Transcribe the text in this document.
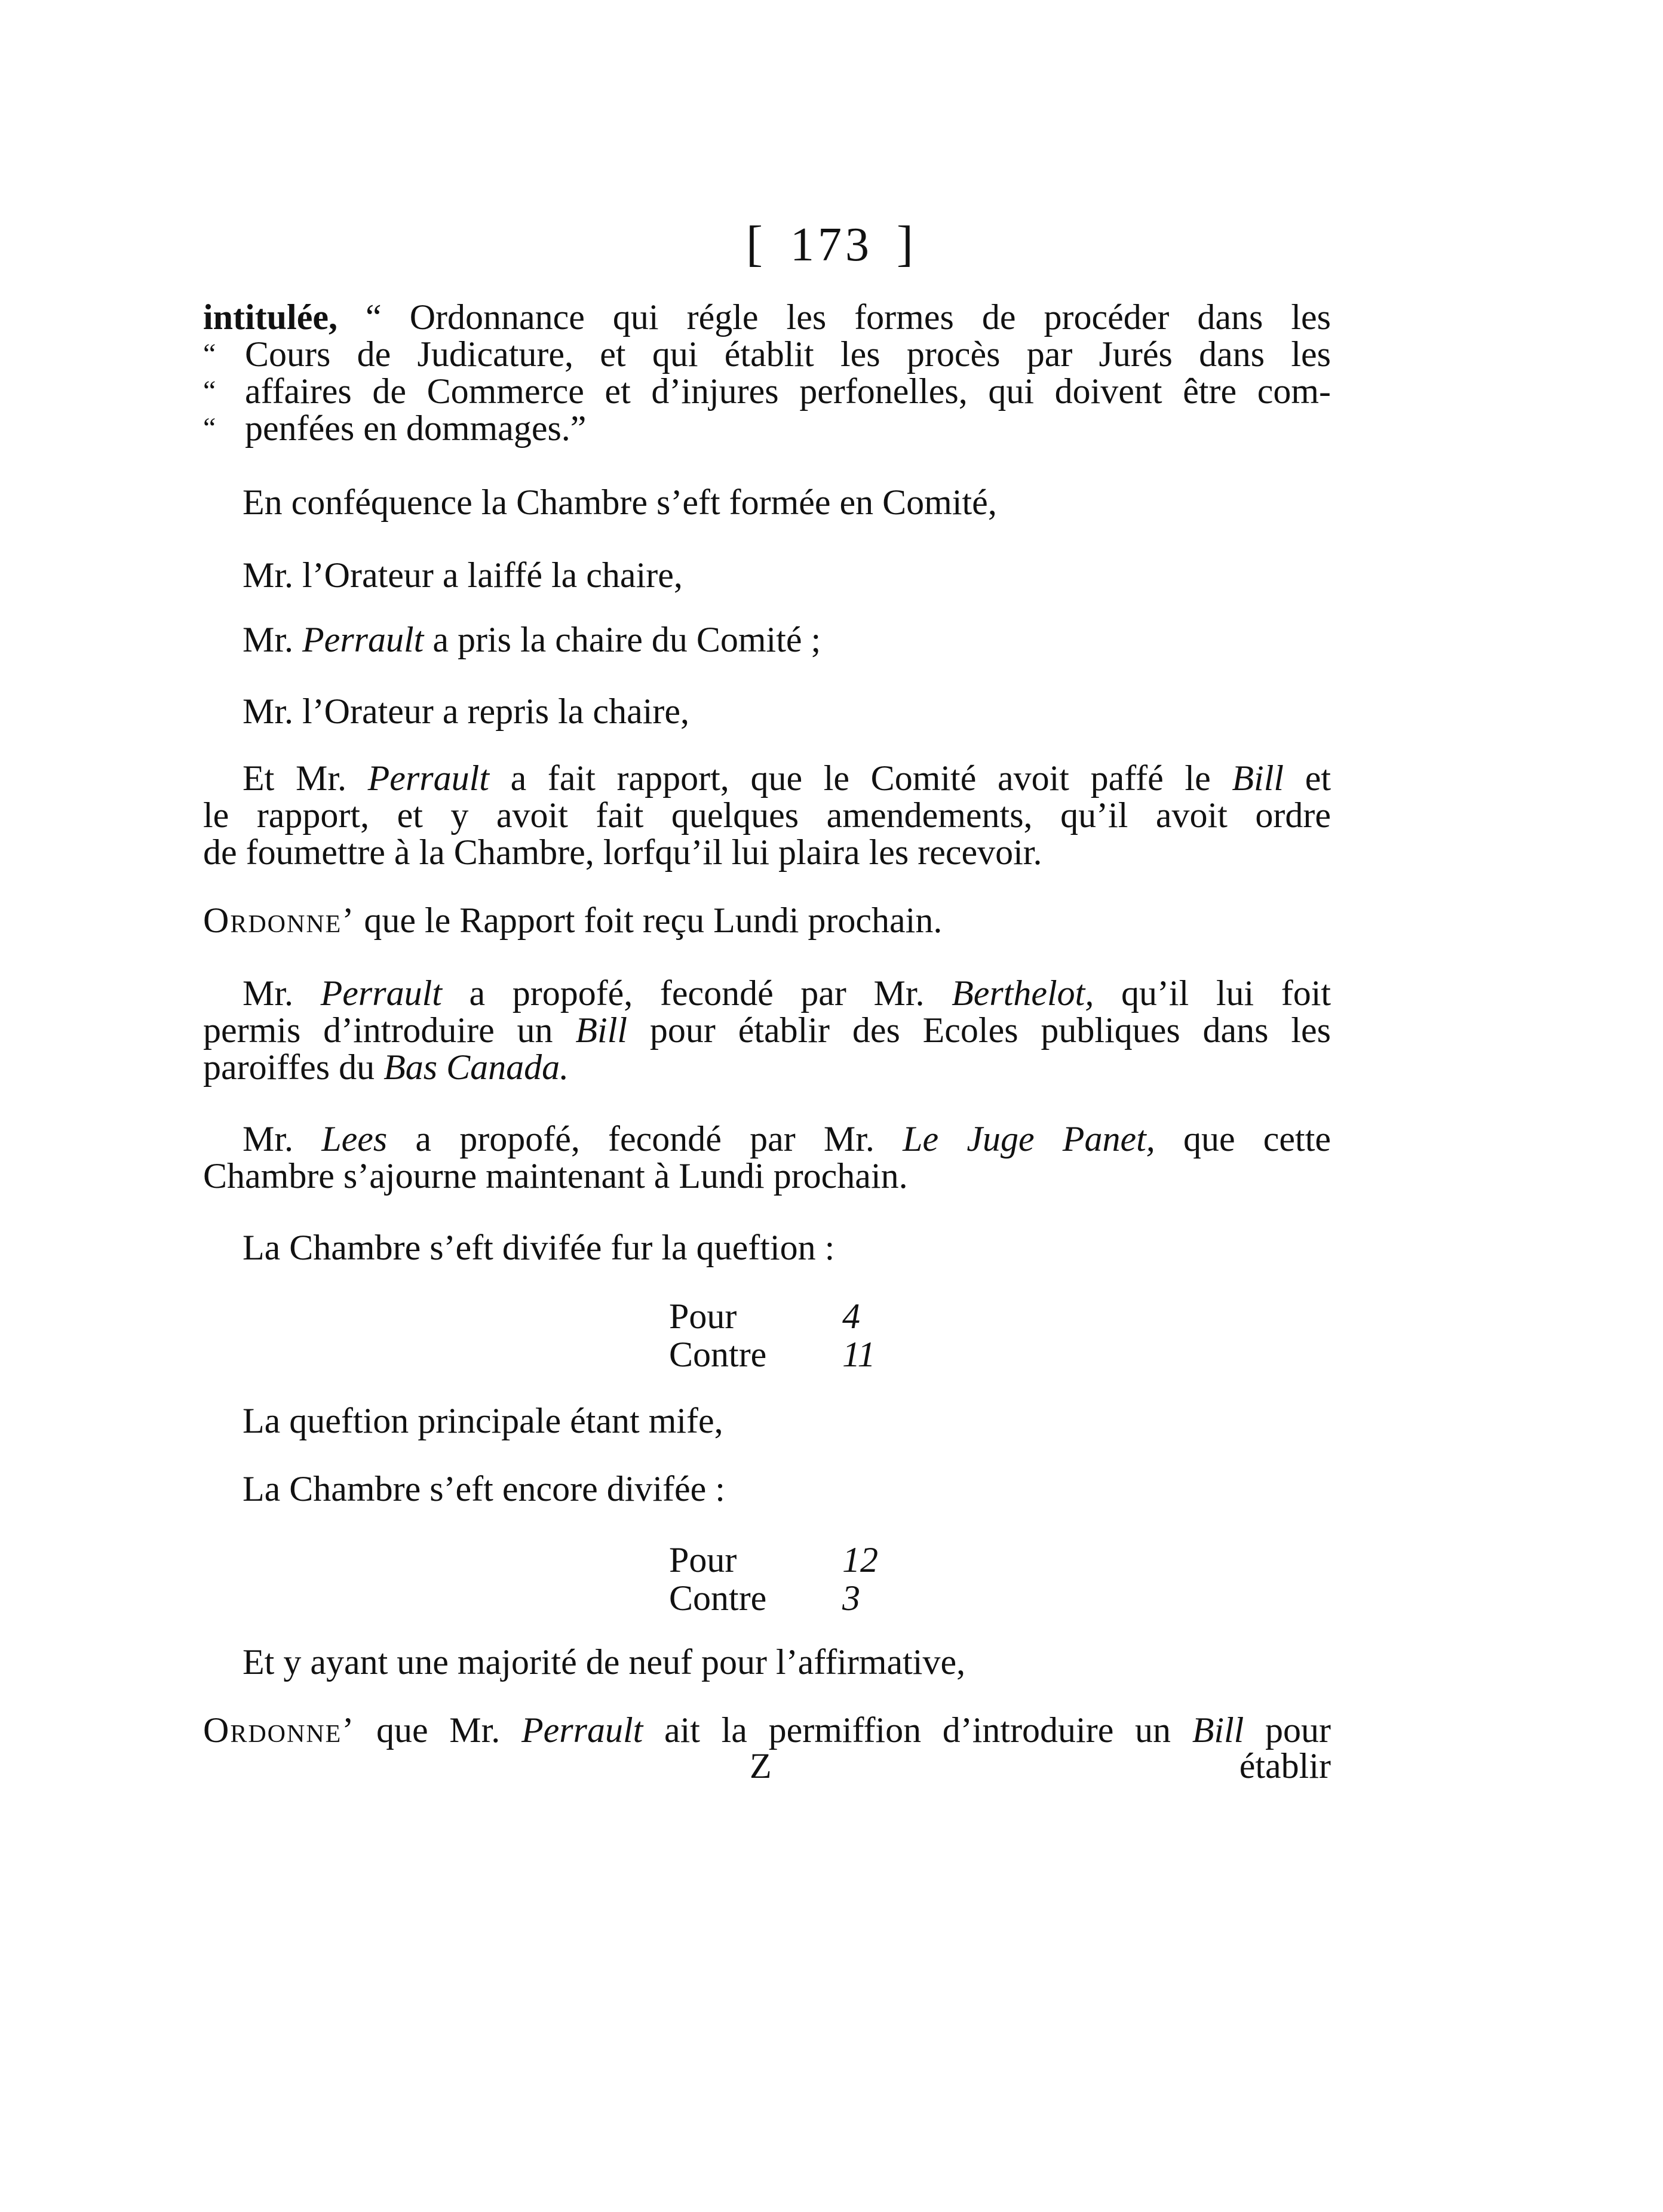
[ 173 ]
intitulée, “ Ordonnance qui régle les formes de procéder dans les
“ Cours de Judicature, et qui établit les procès par Jurés dans les
“ affaires de Commerce et d’injures perfonelles, qui doivent être com-
“ penfées en dommages.”
En conféquence la Chambre s’eft formée en Comité,
Mr. l’Orateur a laiffé la chaire,
Mr. Perrault a pris la chaire du Comité ;
Mr. l’Orateur a repris la chaire,
Et Mr. Perrault a fait rapport, que le Comité avoit paffé le Bill et
le rapport, et y avoit fait quelques amendements, qu’il avoit ordre
de foumettre à la Chambre, lorfqu’il lui plaira les recevoir.
Ordonne’ que le Rapport foit reçu Lundi prochain.
Mr. Perrault a propofé, fecondé par Mr. Berthelot, qu’il lui foit
permis d’introduire un Bill pour établir des Ecoles publiques dans les
paroiffes du Bas Canada.
Mr. Lees a propofé, fecondé par Mr. Le Juge Panet, que cette
Chambre s’ajourne maintenant à Lundi prochain.
La Chambre s’eft divifée fur la queftion :
Pour	4
Contre	11
La queftion principale étant mife,
La Chambre s’eft encore divifée :
Pour	12
Contre	3
Et y ayant une majorité de neuf pour l’affirmative,
Ordonne’ que Mr. Perrault ait la permiffion d’introduire un Bill pour
Z	établir
